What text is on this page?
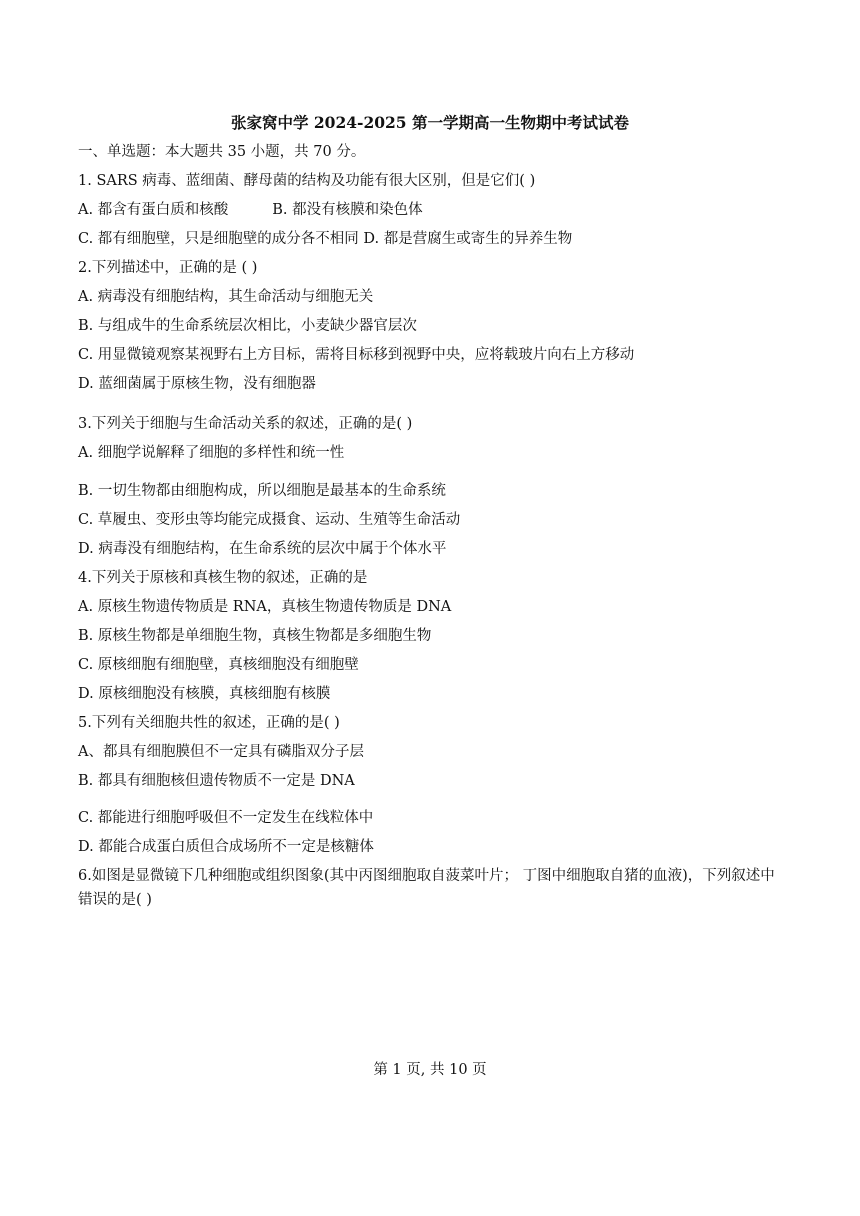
张家窝中学 2024-2025 第一学期高一生物期中考试试卷
一、单选题：本大题共 35 小题，共 70 分。
1. SARS 病毒、蓝细菌、酵母菌的结构及功能有很大区别，但是它们( )
A. 都含有蛋白质和核酸	B. 都没有核膜和染色体
C. 都有细胞壁，只是细胞壁的成分各不相同 D. 都是营腐生或寄生的异养生物
2.下列描述中，正确的是 ( )
A. 病毒没有细胞结构，其生命活动与细胞无关
B. 与组成牛的生命系统层次相比，小麦缺少器官层次
C. 用显微镜观察某视野右上方目标，需将目标移到视野中央，应将载玻片向右上方移动
D. 蓝细菌属于原核生物，没有细胞器
3.下列关于细胞与生命活动关系的叙述，正确的是( )
A. 细胞学说解释了细胞的多样性和统一性
B. 一切生物都由细胞构成，所以细胞是最基本的生命系统
C. 草履虫、变形虫等均能完成摄食、运动、生殖等生命活动
D. 病毒没有细胞结构，在生命系统的层次中属于个体水平
4.下列关于原核和真核生物的叙述，正确的是
A. 原核生物遗传物质是 RNA，真核生物遗传物质是 DNA
B. 原核生物都是单细胞生物，真核生物都是多细胞生物
C. 原核细胞有细胞壁，真核细胞没有细胞壁
D. 原核细胞没有核膜，真核细胞有核膜
5.下列有关细胞共性的叙述，正确的是( )
A、都具有细胞膜但不一定具有磷脂双分子层
B. 都具有细胞核但遗传物质不一定是 DNA
C. 都能进行细胞呼吸但不一定发生在线粒体中
D. 都能合成蛋白质但合成场所不一定是核糖体
6.如图是显微镜下几种细胞或组织图象(其中丙图细胞取自菠菜叶片； 丁图中细胞取自猪的血液)，下列叙述中错误的是( )
第 1 页, 共 10 页
